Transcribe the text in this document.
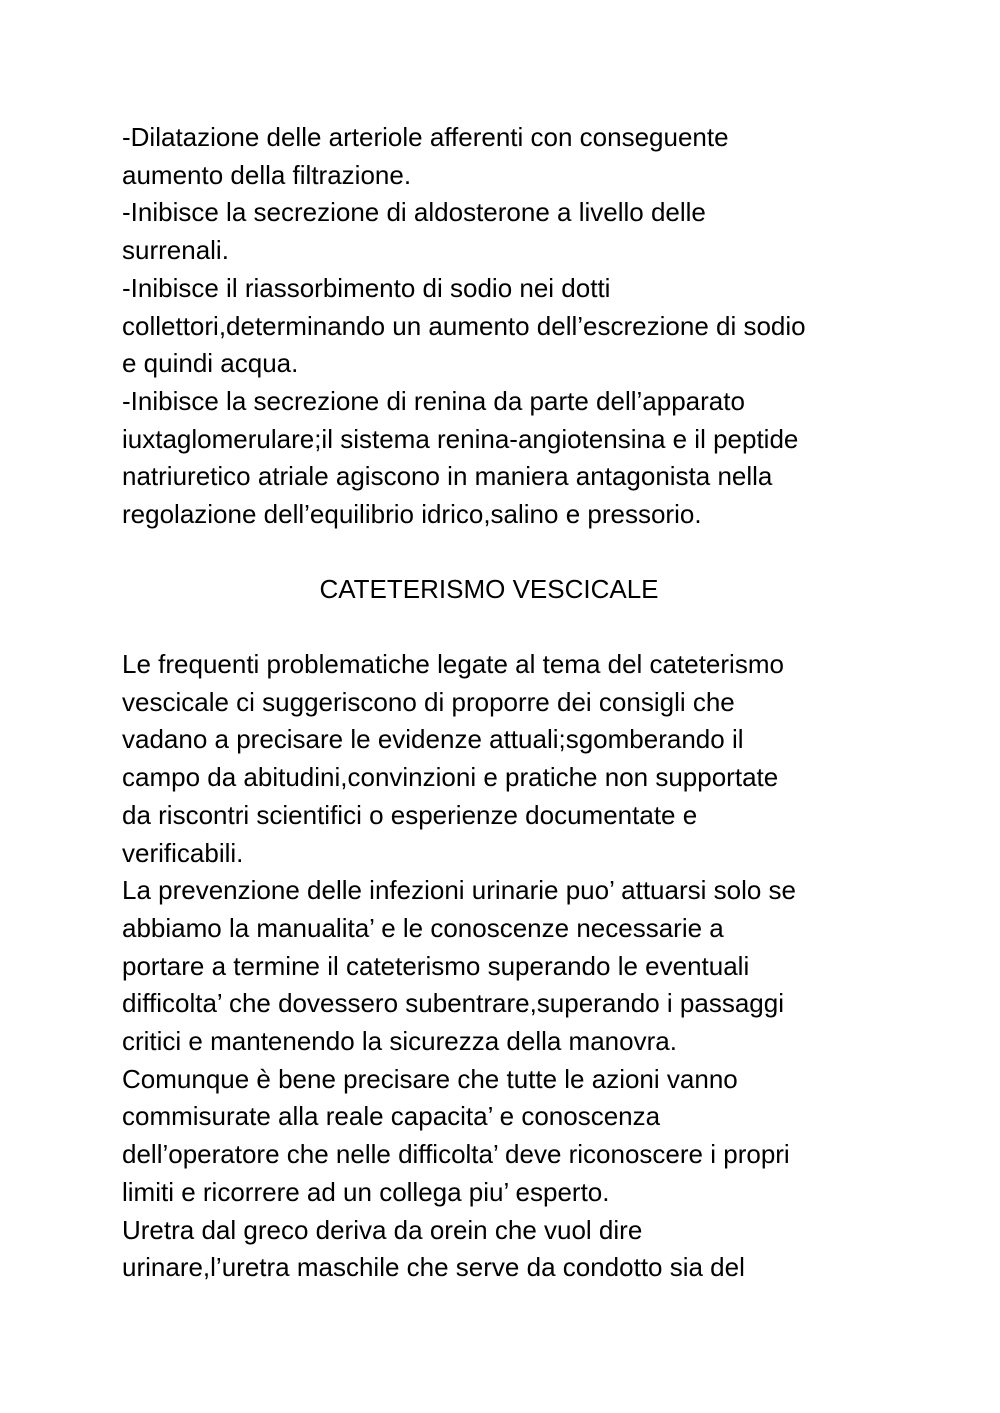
-Dilatazione delle arteriole afferenti con conseguente
aumento della filtrazione.
-Inibisce la secrezione di aldosterone a livello delle
surrenali.
-Inibisce il riassorbimento di sodio nei dotti
collettori,determinando un aumento dell’escrezione di sodio
e quindi acqua.
-Inibisce la secrezione di renina da parte dell’apparato
iuxtaglomerulare;il sistema renina-angiotensina e il peptide
natriuretico atriale agiscono in maniera antagonista nella
regolazione dell’equilibrio idrico,salino e pressorio.
CATETERISMO VESCICALE
Le frequenti problematiche legate al tema del cateterismo
vescicale ci suggeriscono di proporre dei consigli che
vadano a precisare le evidenze attuali;sgomberando il
campo da abitudini,convinzioni e pratiche non supportate
da riscontri scientifici o esperienze documentate e
verificabili.
La prevenzione delle infezioni urinarie puo’ attuarsi solo se
abbiamo la manualita’ e le conoscenze necessarie a
portare a termine il cateterismo superando le eventuali
difficolta’ che dovessero subentrare,superando i passaggi
critici e mantenendo la sicurezza della manovra.
Comunque è bene precisare che tutte le azioni vanno
commisurate alla reale capacita’ e conoscenza
dell’operatore che nelle difficolta’ deve riconoscere i propri
limiti e ricorrere ad un collega piu’ esperto.
Uretra dal greco deriva da orein che vuol dire
urinare,l’uretra maschile che serve da condotto sia del
